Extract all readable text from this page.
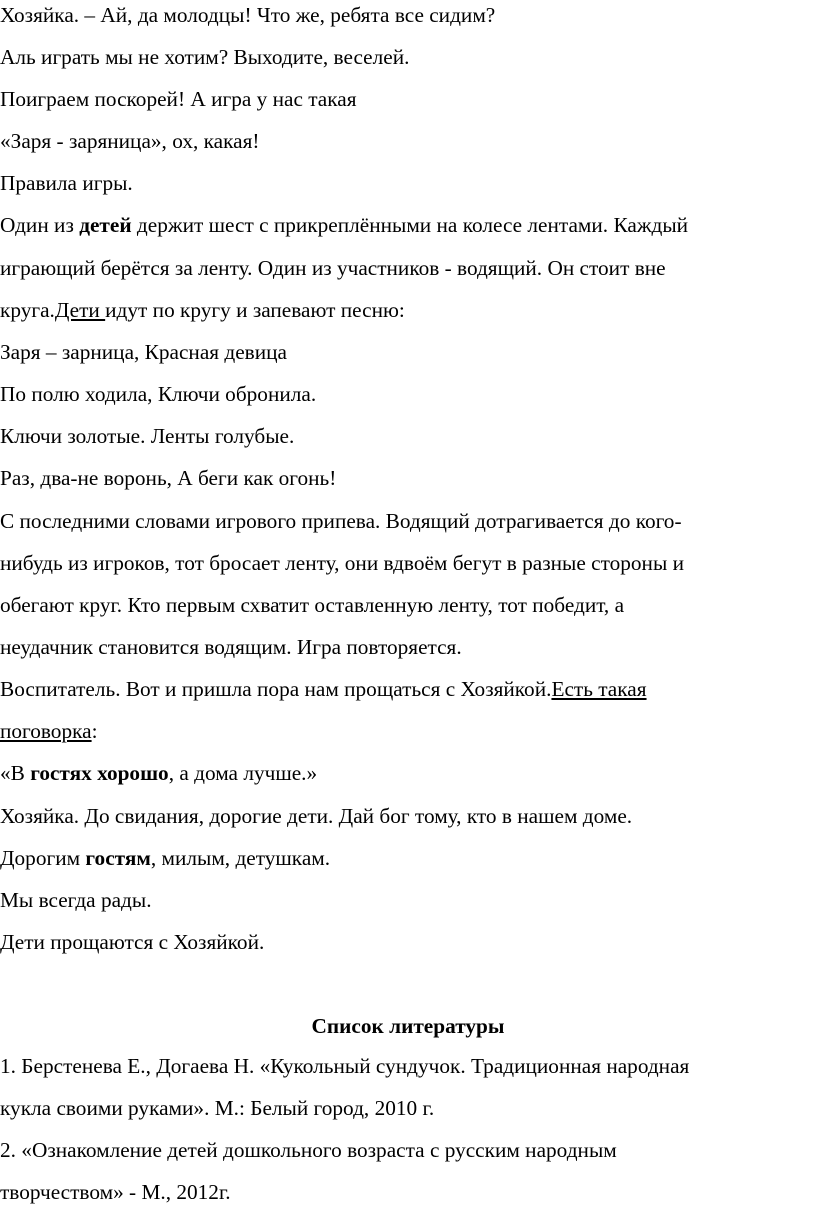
Хозяйка. – Ай, да молодцы! Что же, ребята все сидим?
Аль играть мы не хотим? Выходите, веселей.
Поиграем поскорей! А игра у нас такая
«Заря - заряница», ох, какая!
Правила игры.
Один из детей держит шест с прикреплёнными на колесе лентами. Каждый
играющий берётся за ленту. Один из участников - водящий. Он стоит вне
круга.Дети идут по кругу и запевают песню:
Заря – зарница, Красная девица
По полю ходила, Ключи обронила.
Ключи золотые. Ленты голубые.
Раз, два-не воронь, А беги как огонь!
С последними словами игрового припева. Водящий дотрагивается до кого-
нибудь из игроков, тот бросает ленту, они вдвоём бегут в разные стороны и
обегают круг. Кто первым схватит оставленную ленту, тот победит, а
неудачник становится водящим. Игра повторяется.
Воспитатель. Вот и пришла пора нам прощаться с Хозяйкой.Есть такая
поговорка:
«В гостях хорошо, а дома лучше.»
Хозяйка. До свидания, дорогие дети. Дай бог тому, кто в нашем доме.
Дорогим гостям, милым, детушкам.
Мы всегда рады.
Дети прощаются с Хозяйкой.
Список литературы
1. Берстенева Е., Догаева Н. «Кукольный сундучок. Традиционная народная
кукла своими руками». М.: Белый город, 2010 г.
2. «Ознакомление детей дошкольного возраста с русским народным
творчеством» - М., 2012г.
